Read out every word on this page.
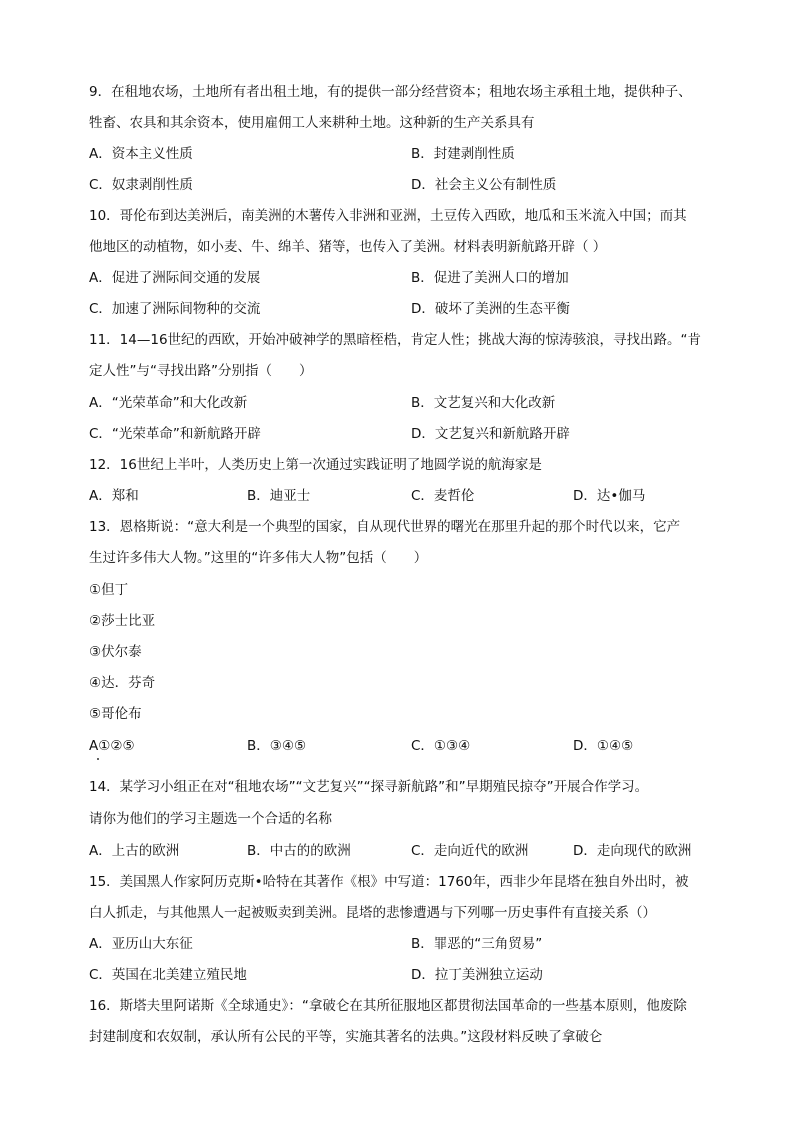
9．在租地农场，土地所有者出租土地，有的提供一部分经营资本；租地农场主承租土地，提供种子、
牲畜、农具和其余资本，使用雇佣工人来耕种土地。这种新的生产关系具有
A．资本主义性质	B．封建剥削性质
C．奴隶剥削性质	D．社会主义公有制性质
10．哥伦布到达美洲后，南美洲的木薯传入非洲和亚洲，土豆传入西欧，地瓜和玉米流入中国；而其
他地区的动植物，如小麦、牛、绵羊、猪等，也传入了美洲。材料表明新航路开辟（ ）
A．促进了洲际间交通的发展	B．促进了美洲人口的增加
C．加速了洲际间物种的交流	D．破坏了美洲的生态平衡
11．14—16世纪的西欧，开始冲破神学的黑暗桎梏，肯定人性；挑战大海的惊涛骇浪，寻找出路。“肯
定人性”与“寻找出路”分别指（　　）
A．“光荣革命”和大化改新	B．文艺复兴和大化改新
C．“光荣革命”和新航路开辟	D．文艺复兴和新航路开辟
12．16世纪上半叶，人类历史上第一次通过实践证明了地圆学说的航海家是
A．郑和	B．迪亚士	C．麦哲伦	D．达•伽马
13．恩格斯说：“意大利是一个典型的国家，自从现代世界的曙光在那里升起的那个时代以来，它产
生过许多伟大人物。”这里的“许多伟大人物”包括（　　）
①但丁
②莎士比亚
③伏尔泰
④达．芬奇
⑤哥伦布
A①②⑤	B．③④⑤	C．①③④	D．①④⑤
14．某学习小组正在对“租地农场”“文艺复兴”“探寻新航路”和”早期殖民掠夺”开展合作学习。
请你为他们的学习主题选一个合适的名称
A．上古的欧洲	B．中古的的欧洲	C．走向近代的欧洲	D．走向现代的欧洲
15．美国黑人作家阿历克斯•哈特在其著作《根》中写道：1760年，西非少年昆塔在独自外出时，被
白人抓走，与其他黑人一起被贩卖到美洲。昆塔的悲惨遭遇与下列哪一历史事件有直接关系（）
A．亚历山大东征	B．罪恶的“三角贸易”
C．英国在北美建立殖民地	D．拉丁美洲独立运动
16．斯塔夫里阿诺斯《全球通史》：“拿破仑在其所征服地区都贯彻法国革命的一些基本原则，他废除
封建制度和农奴制，承认所有公民的平等，实施其著名的法典。”这段材料反映了拿破仑
